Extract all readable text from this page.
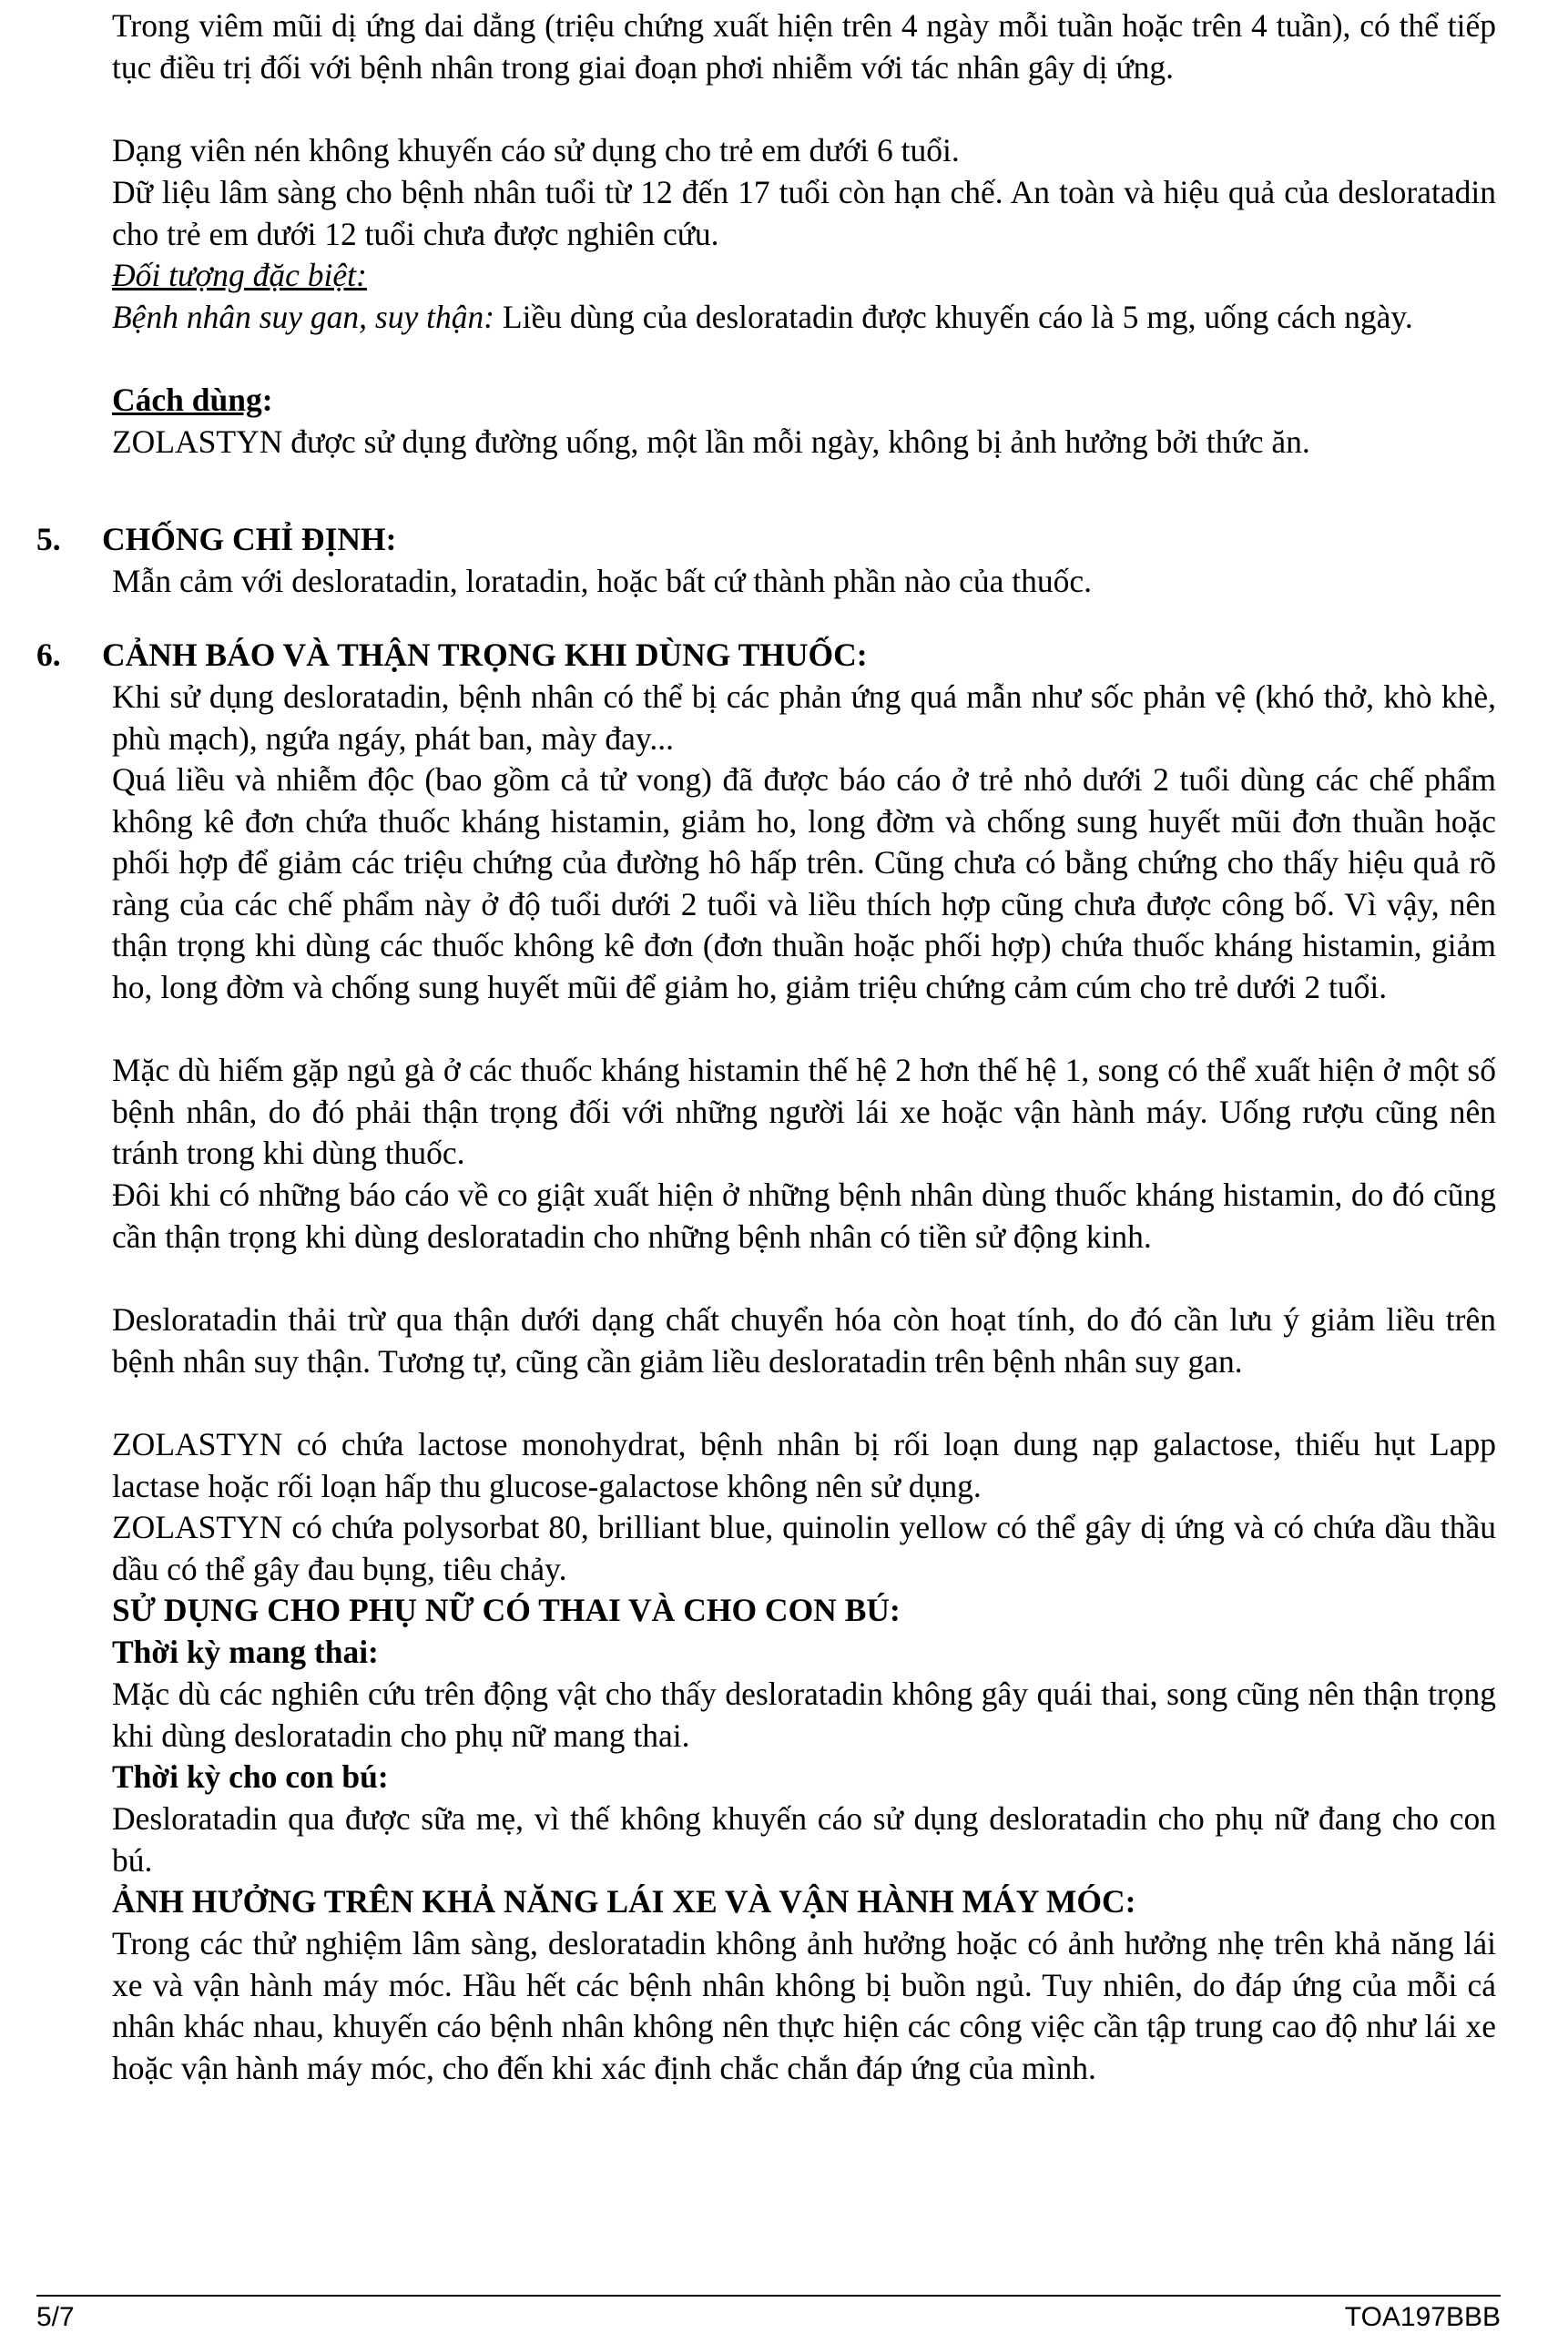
Trong viêm mũi dị ứng dai dẳng (triệu chứng xuất hiện trên 4 ngày mỗi tuần hoặc trên 4 tuần), có thể tiếp tục điều trị đối với bệnh nhân trong giai đoạn phơi nhiễm với tác nhân gây dị ứng.

Dạng viên nén không khuyến cáo sử dụng cho trẻ em dưới 6 tuổi.

Dữ liệu lâm sàng cho bệnh nhân tuổi từ 12 đến 17 tuổi còn hạn chế. An toàn và hiệu quả của desloratadin cho trẻ em dưới 12 tuổi chưa được nghiên cứu.

Đối tượng đặc biệt:

Bệnh nhân suy gan, suy thận: Liều dùng của desloratadin được khuyến cáo là 5 mg, uống cách ngày.

Cách dùng:

ZOLASTYN được sử dụng đường uống, một lần mỗi ngày, không bị ảnh hưởng bởi thức ăn.

5. CHỐNG CHỈ ĐỊNH:

Mẫn cảm với desloratadin, loratadin, hoặc bất cứ thành phần nào của thuốc.

6. CẢNH BÁO VÀ THẬN TRỌNG KHI DÙNG THUỐC:

Khi sử dụng desloratadin, bệnh nhân có thể bị các phản ứng quá mẫn như sốc phản vệ (khó thở, khò khè, phù mạch), ngứa ngáy, phát ban, mày đay...

Quá liều và nhiễm độc (bao gồm cả tử vong) đã được báo cáo ở trẻ nhỏ dưới 2 tuổi dùng các chế phẩm không kê đơn chứa thuốc kháng histamin, giảm ho, long đờm và chống sung huyết mũi đơn thuần hoặc phối hợp để giảm các triệu chứng của đường hô hấp trên. Cũng chưa có bằng chứng cho thấy hiệu quả rõ ràng của các chế phẩm này ở độ tuổi dưới 2 tuổi và liều thích hợp cũng chưa được công bố. Vì vậy, nên thận trọng khi dùng các thuốc không kê đơn (đơn thuần hoặc phối hợp) chứa thuốc kháng histamin, giảm ho, long đờm và chống sung huyết mũi để giảm ho, giảm triệu chứng cảm cúm cho trẻ dưới 2 tuổi.

Mặc dù hiếm gặp ngủ gà ở các thuốc kháng histamin thế hệ 2 hơn thế hệ 1, song có thể xuất hiện ở một số bệnh nhân, do đó phải thận trọng đối với những người lái xe hoặc vận hành máy. Uống rượu cũng nên tránh trong khi dùng thuốc.

Đôi khi có những báo cáo về co giật xuất hiện ở những bệnh nhân dùng thuốc kháng histamin, do đó cũng cần thận trọng khi dùng desloratadin cho những bệnh nhân có tiền sử động kinh.

Desloratadin thải trừ qua thận dưới dạng chất chuyển hóa còn hoạt tính, do đó cần lưu ý giảm liều trên bệnh nhân suy thận. Tương tự, cũng cần giảm liều desloratadin trên bệnh nhân suy gan.

ZOLASTYN có chứa lactose monohydrat, bệnh nhân bị rối loạn dung nạp galactose, thiếu hụt Lapp lactase hoặc rối loạn hấp thu glucose-galactose không nên sử dụng.

ZOLASTYN có chứa polysorbat 80, brilliant blue, quinolin yellow có thể gây dị ứng và có chứa dầu thầu dầu có thể gây đau bụng, tiêu chảy.

SỬ DỤNG CHO PHỤ NỮ CÓ THAI VÀ CHO CON BÚ:

Thời kỳ mang thai:

Mặc dù các nghiên cứu trên động vật cho thấy desloratadin không gây quái thai, song cũng nên thận trọng khi dùng desloratadin cho phụ nữ mang thai.

Thời kỳ cho con bú:

Desloratadin qua được sữa mẹ, vì thế không khuyến cáo sử dụng desloratadin cho phụ nữ đang cho con bú.

ẢNH HƯỞNG TRÊN KHẢ NĂNG LÁI XE VÀ VẬN HÀNH MÁY MÓC:

Trong các thử nghiệm lâm sàng, desloratadin không ảnh hưởng hoặc có ảnh hưởng nhẹ trên khả năng lái xe và vận hành máy móc. Hầu hết các bệnh nhân không bị buồn ngủ. Tuy nhiên, do đáp ứng của mỗi cá nhân khác nhau, khuyến cáo bệnh nhân không nên thực hiện các công việc cần tập trung cao độ như lái xe hoặc vận hành máy móc, cho đến khi xác định chắc chắn đáp ứng của mình.

5/7	TOA197BBB
